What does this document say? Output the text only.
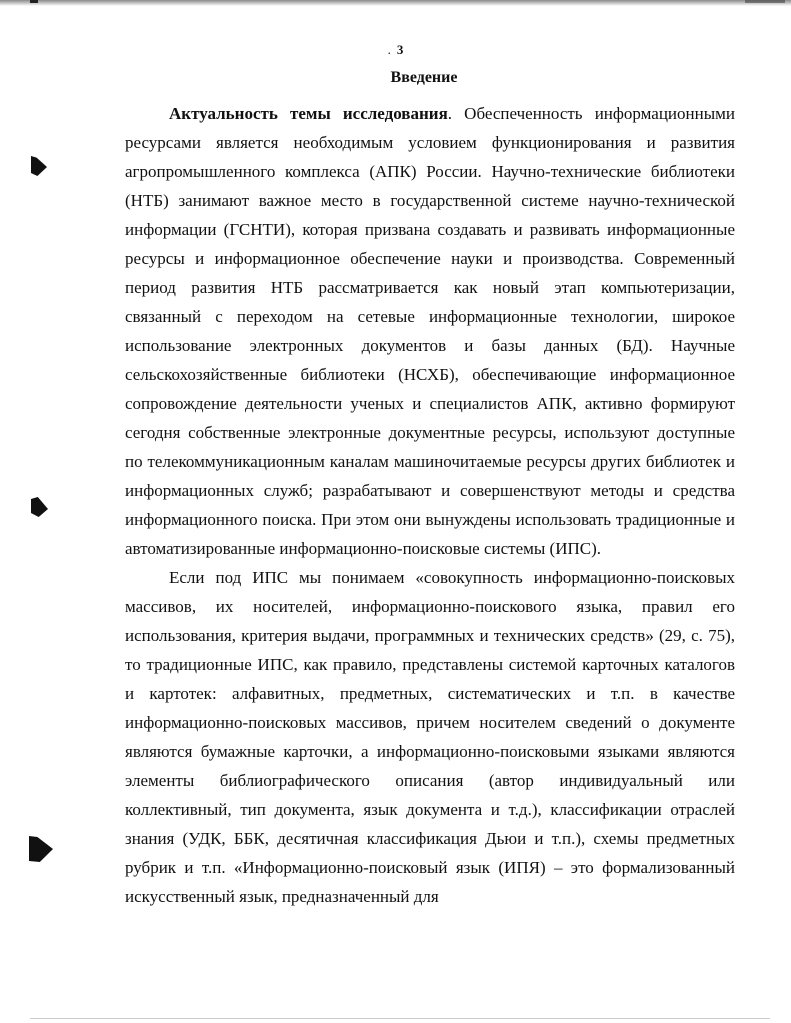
. 3
Введение

Актуальность темы исследования. Обеспеченность информационными ресурсами является необходимым условием функционирования и развития агропромышленного комплекса (АПК) России. Научно-технические библиотеки (НТБ) занимают важное место в государственной системе научно-технической информации (ГСНТИ), которая призвана создавать и развивать информационные ресурсы и информационное обеспечение науки и производства. Современный период развития НТБ рассматривается как новый этап компьютеризации, связанный с переходом на сетевые информационные технологии, широкое использование электронных документов и базы данных (БД). Научные сельскохозяйственные библиотеки (НСХБ), обеспечивающие информационное сопровождение деятельности ученых и специалистов АПК, активно формируют сегодня собственные электронные документные ресурсы, используют доступные по телекоммуникационным каналам машиночитаемые ресурсы других библиотек и информационных служб; разрабатывают и совершенствуют методы и средства информационного поиска. При этом они вынуждены использовать традиционные и автоматизированные информационно-поисковые системы (ИПС).

Если под ИПС мы понимаем «совокупность информационно-поисковых массивов, их носителей, информационно-поискового языка, правил его использования, критерия выдачи, программных и технических средств» (29, с. 75), то традиционные ИПС, как правило, представлены системой карточных каталогов и картотек: алфавитных, предметных, систематических и т.п. в качестве информационно-поисковых массивов, причем носителем сведений о документе являются бумажные карточки, а информационно-поисковыми языками являются элементы библиографического описания (автор индивидуальный или коллективный, тип документа, язык документа и т.д.), классификации отраслей знания (УДК, ББК, десятичная классификация Дьюи и т.п.), схемы предметных рубрик и т.п. «Информационно-поисковый язык (ИПЯ) – это формализованный искусственный язык, предназначенный для
